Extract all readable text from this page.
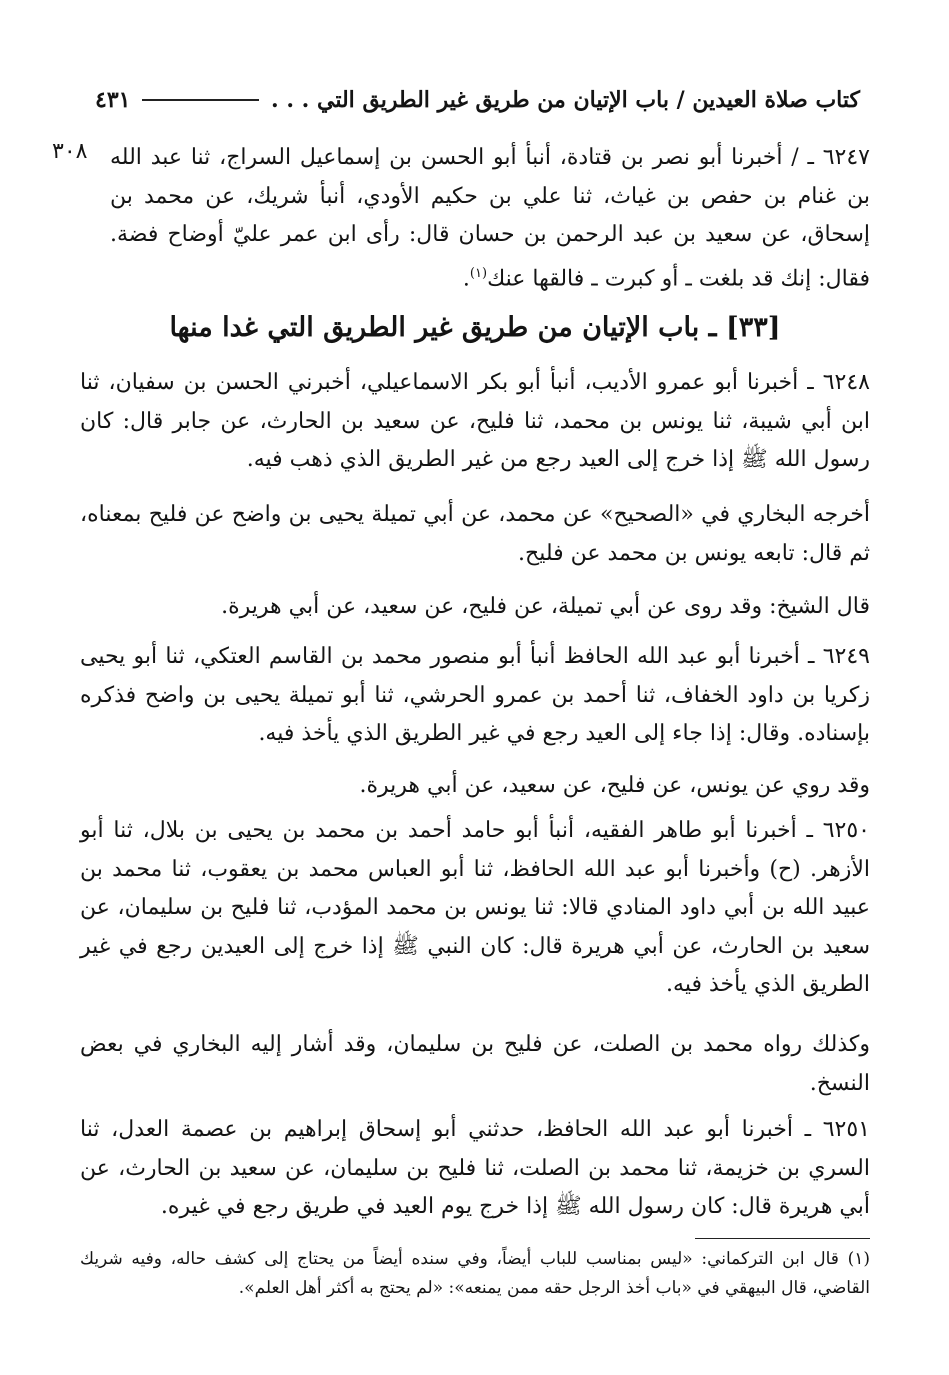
كتاب صلاة العيدين / باب الإتيان من طريق غير الطريق التي . . .
٤٣١
٣٠٨ ٦٢٤٧ ـ / أخبرنا أبو نصر بن قتادة، أنبأ أبو الحسن بن إسماعيل السراج، ثنا عبد الله بن غنام بن حفص بن غياث، ثنا علي بن حكيم الأودي، أنبأ شريك، عن محمد بن إسحاق، عن سعيد بن عبد الرحمن بن حسان قال: رأى ابن عمر عليّ أوضاح فضة. فقال: إنك قد بلغت ـ أو كبرت ـ فالقها عنك$^{(١)}$.
[٣٣] ـ باب الإتيان من طريق غير الطريق التي غدا منها
٦٢٤٨ ـ أخبرنا أبو عمرو الأديب، أنبأ أبو بكر الاسماعيلي، أخبرني الحسن بن سفيان، ثنا ابن أبي شيبة، ثنا يونس بن محمد، ثنا فليح، عن سعيد بن الحارث، عن جابر قال: كان رسول الله ﷺ إذا خرج إلى العيد رجع من غير الطريق الذي ذهب فيه.
أخرجه البخاري في «الصحيح» عن محمد، عن أبي تميلة يحيى بن واضح عن فليح بمعناه، ثم قال: تابعه يونس بن محمد عن فليح.
قال الشيخ: وقد روى عن أبي تميلة، عن فليح، عن سعيد، عن أبي هريرة.
٦٢٤٩ ـ أخبرنا أبو عبد الله الحافظ أنبأ أبو منصور محمد بن القاسم العتكي، ثنا أبو يحيى زكريا بن داود الخفاف، ثنا أحمد بن عمرو الحرشي، ثنا أبو تميلة يحيى بن واضح فذكره بإسناده. وقال: إذا جاء إلى العيد رجع في غير الطريق الذي يأخذ فيه.
وقد روي عن يونس، عن فليح، عن سعيد، عن أبي هريرة.
٦٢٥٠ ـ أخبرنا أبو طاهر الفقيه، أنبأ أبو حامد أحمد بن محمد بن يحيى بن بلال، ثنا أبو الأزهر. (ح) وأخبرنا أبو عبد الله الحافظ، ثنا أبو العباس محمد بن يعقوب، ثنا محمد بن عبيد الله بن أبي داود المنادي قالا: ثنا يونس بن محمد المؤدب، ثنا فليح بن سليمان، عن سعيد بن الحارث، عن أبي هريرة قال: كان النبي ﷺ إذا خرج إلى العيدين رجع في غير الطريق الذي يأخذ فيه.
وكذلك رواه محمد بن الصلت، عن فليح بن سليمان، وقد أشار إليه البخاري في بعض النسخ.
٦٢٥١ ـ أخبرنا أبو عبد الله الحافظ، حدثني أبو إسحاق إبراهيم بن عصمة العدل، ثنا السري بن خزيمة، ثنا محمد بن الصلت، ثنا فليح بن سليمان، عن سعيد بن الحارث، عن أبي هريرة قال: كان رسول الله ﷺ إذا خرج يوم العيد في طريق رجع في غيره.
(١) قال ابن التركماني: «ليس بمناسب للباب أيضاً، وفي سنده أيضاً من يحتاج إلى كشف حاله، وفيه شريك القاضي، قال البيهقي في «باب أخذ الرجل حقه ممن يمنعه»: «لم يحتج به أكثر أهل العلم».
